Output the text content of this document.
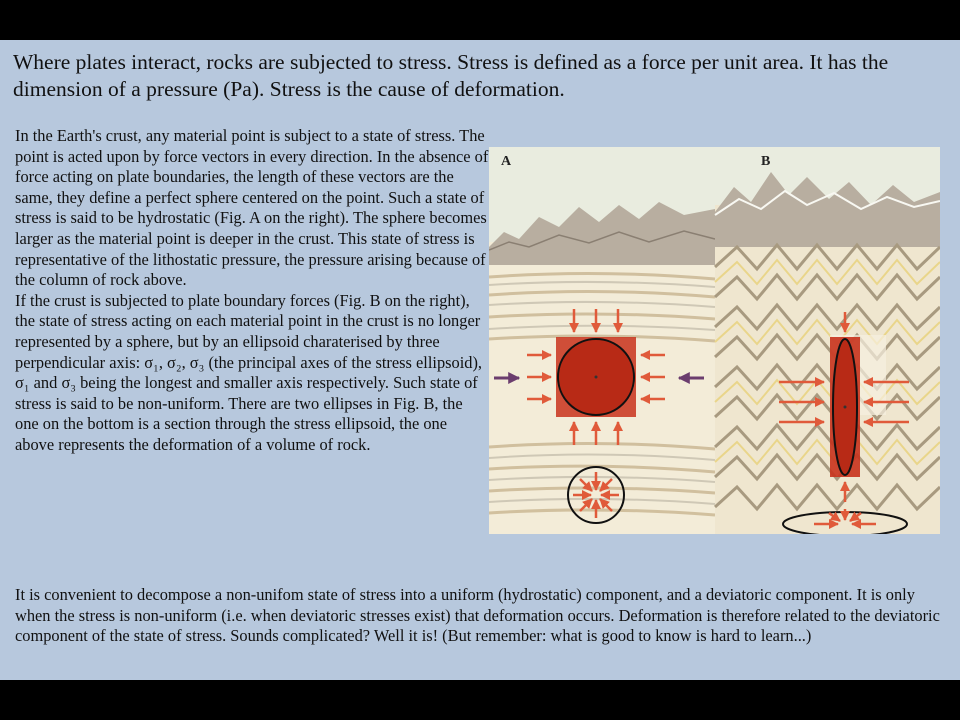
Where plates interact, rocks are subjected to stress. Stress is defined as a force per unit area. It has the dimension of a pressure (Pa). Stress is the cause of deformation.

In the Earth's crust, any material point is subject to a state of stress. The point is acted upon by force vectors in every direction. In the absence of force acting on plate boundaries, the length of these vectors are the same, they define a perfect sphere centered on the point. Such a state of stress is said to be hydrostatic (Fig. A on the right). The sphere becomes larger as the material point is deeper in the crust. This state of stress is representative of the lithostatic pressure, the pressure arising because of the column of rock above.

If the crust is subjected to plate boundary forces (Fig. B on the right), the state of stress acting on each material point in the crust is no longer represented by a sphere, but by an ellipsoid charaterised by three perpendicular axis: σ₁, σ₂, σ₃ (the principal axes of the stress ellipsoid), σ₁ and σ₃ being the longest and smaller axis respectively. Such state of stress is said to be non-uniform. There are two ellipses in Fig. B, the one on the bottom is a section through the stress ellipsoid, the one above represents the deformation of a volume of rock.

A	B
It is convenient to decompose a non-unifom state of stress into a uniform (hydrostatic) component, and a deviatoric component. It is only when the stress is non-uniform (i.e. when deviatoric stresses exist) that deformation occurs. Deformation is therefore related to the deviatoric component of the state of stress. Sounds complicated? Well it is! (But remember: what is good to know is hard to learn...)
